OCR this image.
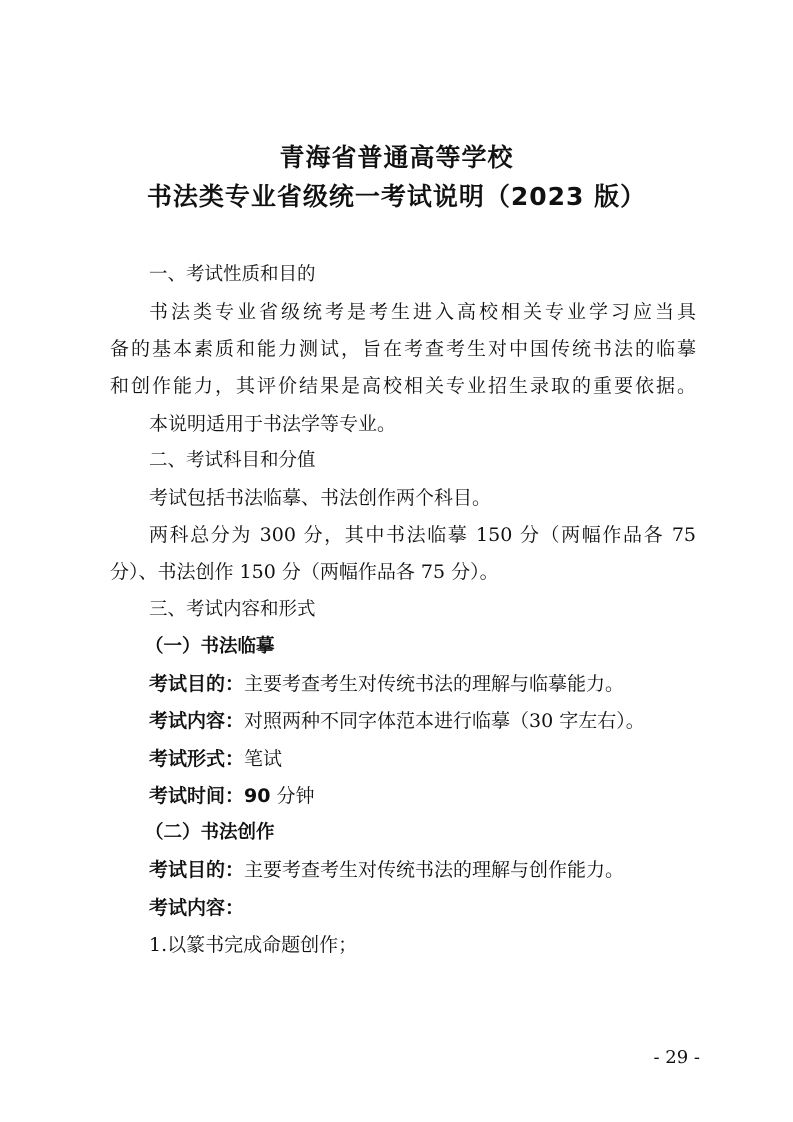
青海省普通高等学校
书法类专业省级统一考试说明（2023 版）
一、考试性质和目的
书法类专业省级统考是考生进入高校相关专业学习应当具
备的基本素质和能力测试，旨在考查考生对中国传统书法的临摹
和创作能力，其评价结果是高校相关专业招生录取的重要依据。
本说明适用于书法学等专业。
二、考试科目和分值
考试包括书法临摹、书法创作两个科目。
两科总分为 300 分，其中书法临摹 150 分（两幅作品各 75
分）、书法创作 150 分（两幅作品各 75 分）。
三、考试内容和形式
（一）书法临摹
考试目的：主要考查考生对传统书法的理解与临摹能力。
考试内容：对照两种不同字体范本进行临摹（30 字左右）。
考试形式：笔试
考试时间：90 分钟
（二）书法创作
考试目的：主要考查考生对传统书法的理解与创作能力。
考试内容：
1.以篆书完成命题创作；
- 29 -
